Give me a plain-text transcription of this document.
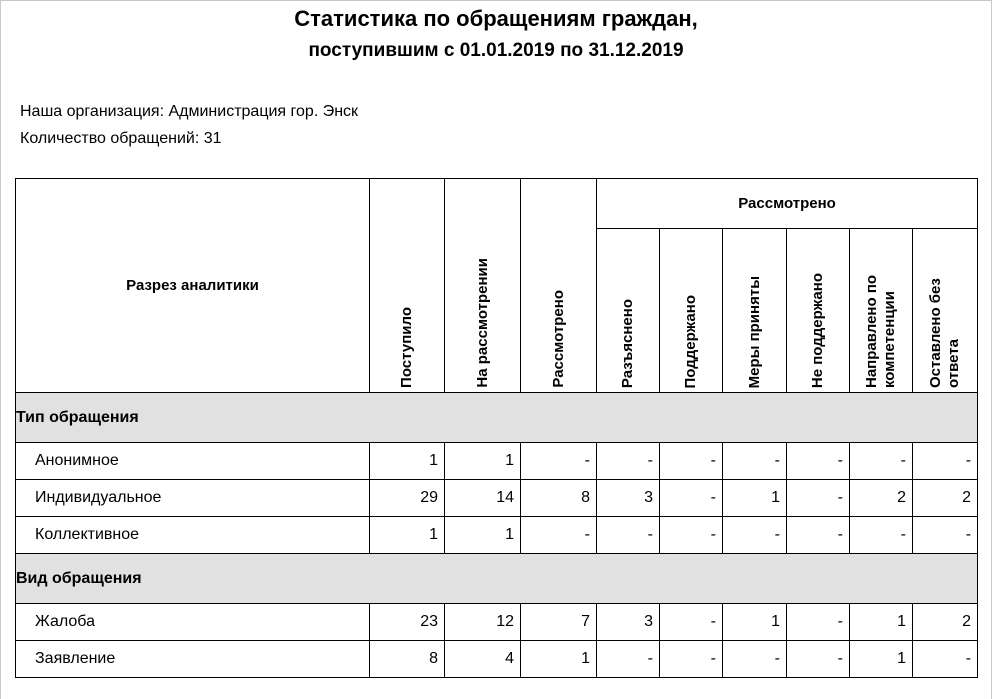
Статистика по обращениям граждан,
поступившим с 01.01.2019 по 31.12.2019
Наша организация: Администрация гор. Энск
Количество обращений: 31
Разрез аналитики	Поступило	На рассмотрении	Рассмотрено	Рассмотрено					
				Разъяснено	Поддержано	Меры приняты	Не поддержано	Направлено по компетенции	Оставлено без ответа
Тип обращения									
Анонимное	1	1	-	-	-	-	-	-	-
Индивидуальное	29	14	8	3	-	1	-	2	2
Коллективное	1	1	-	-	-	-	-	-	-
Вид обращения									
Жалоба	23	12	7	3	-	1	-	1	2
Заявление	8	4	1	-	-	-	-	1	-
